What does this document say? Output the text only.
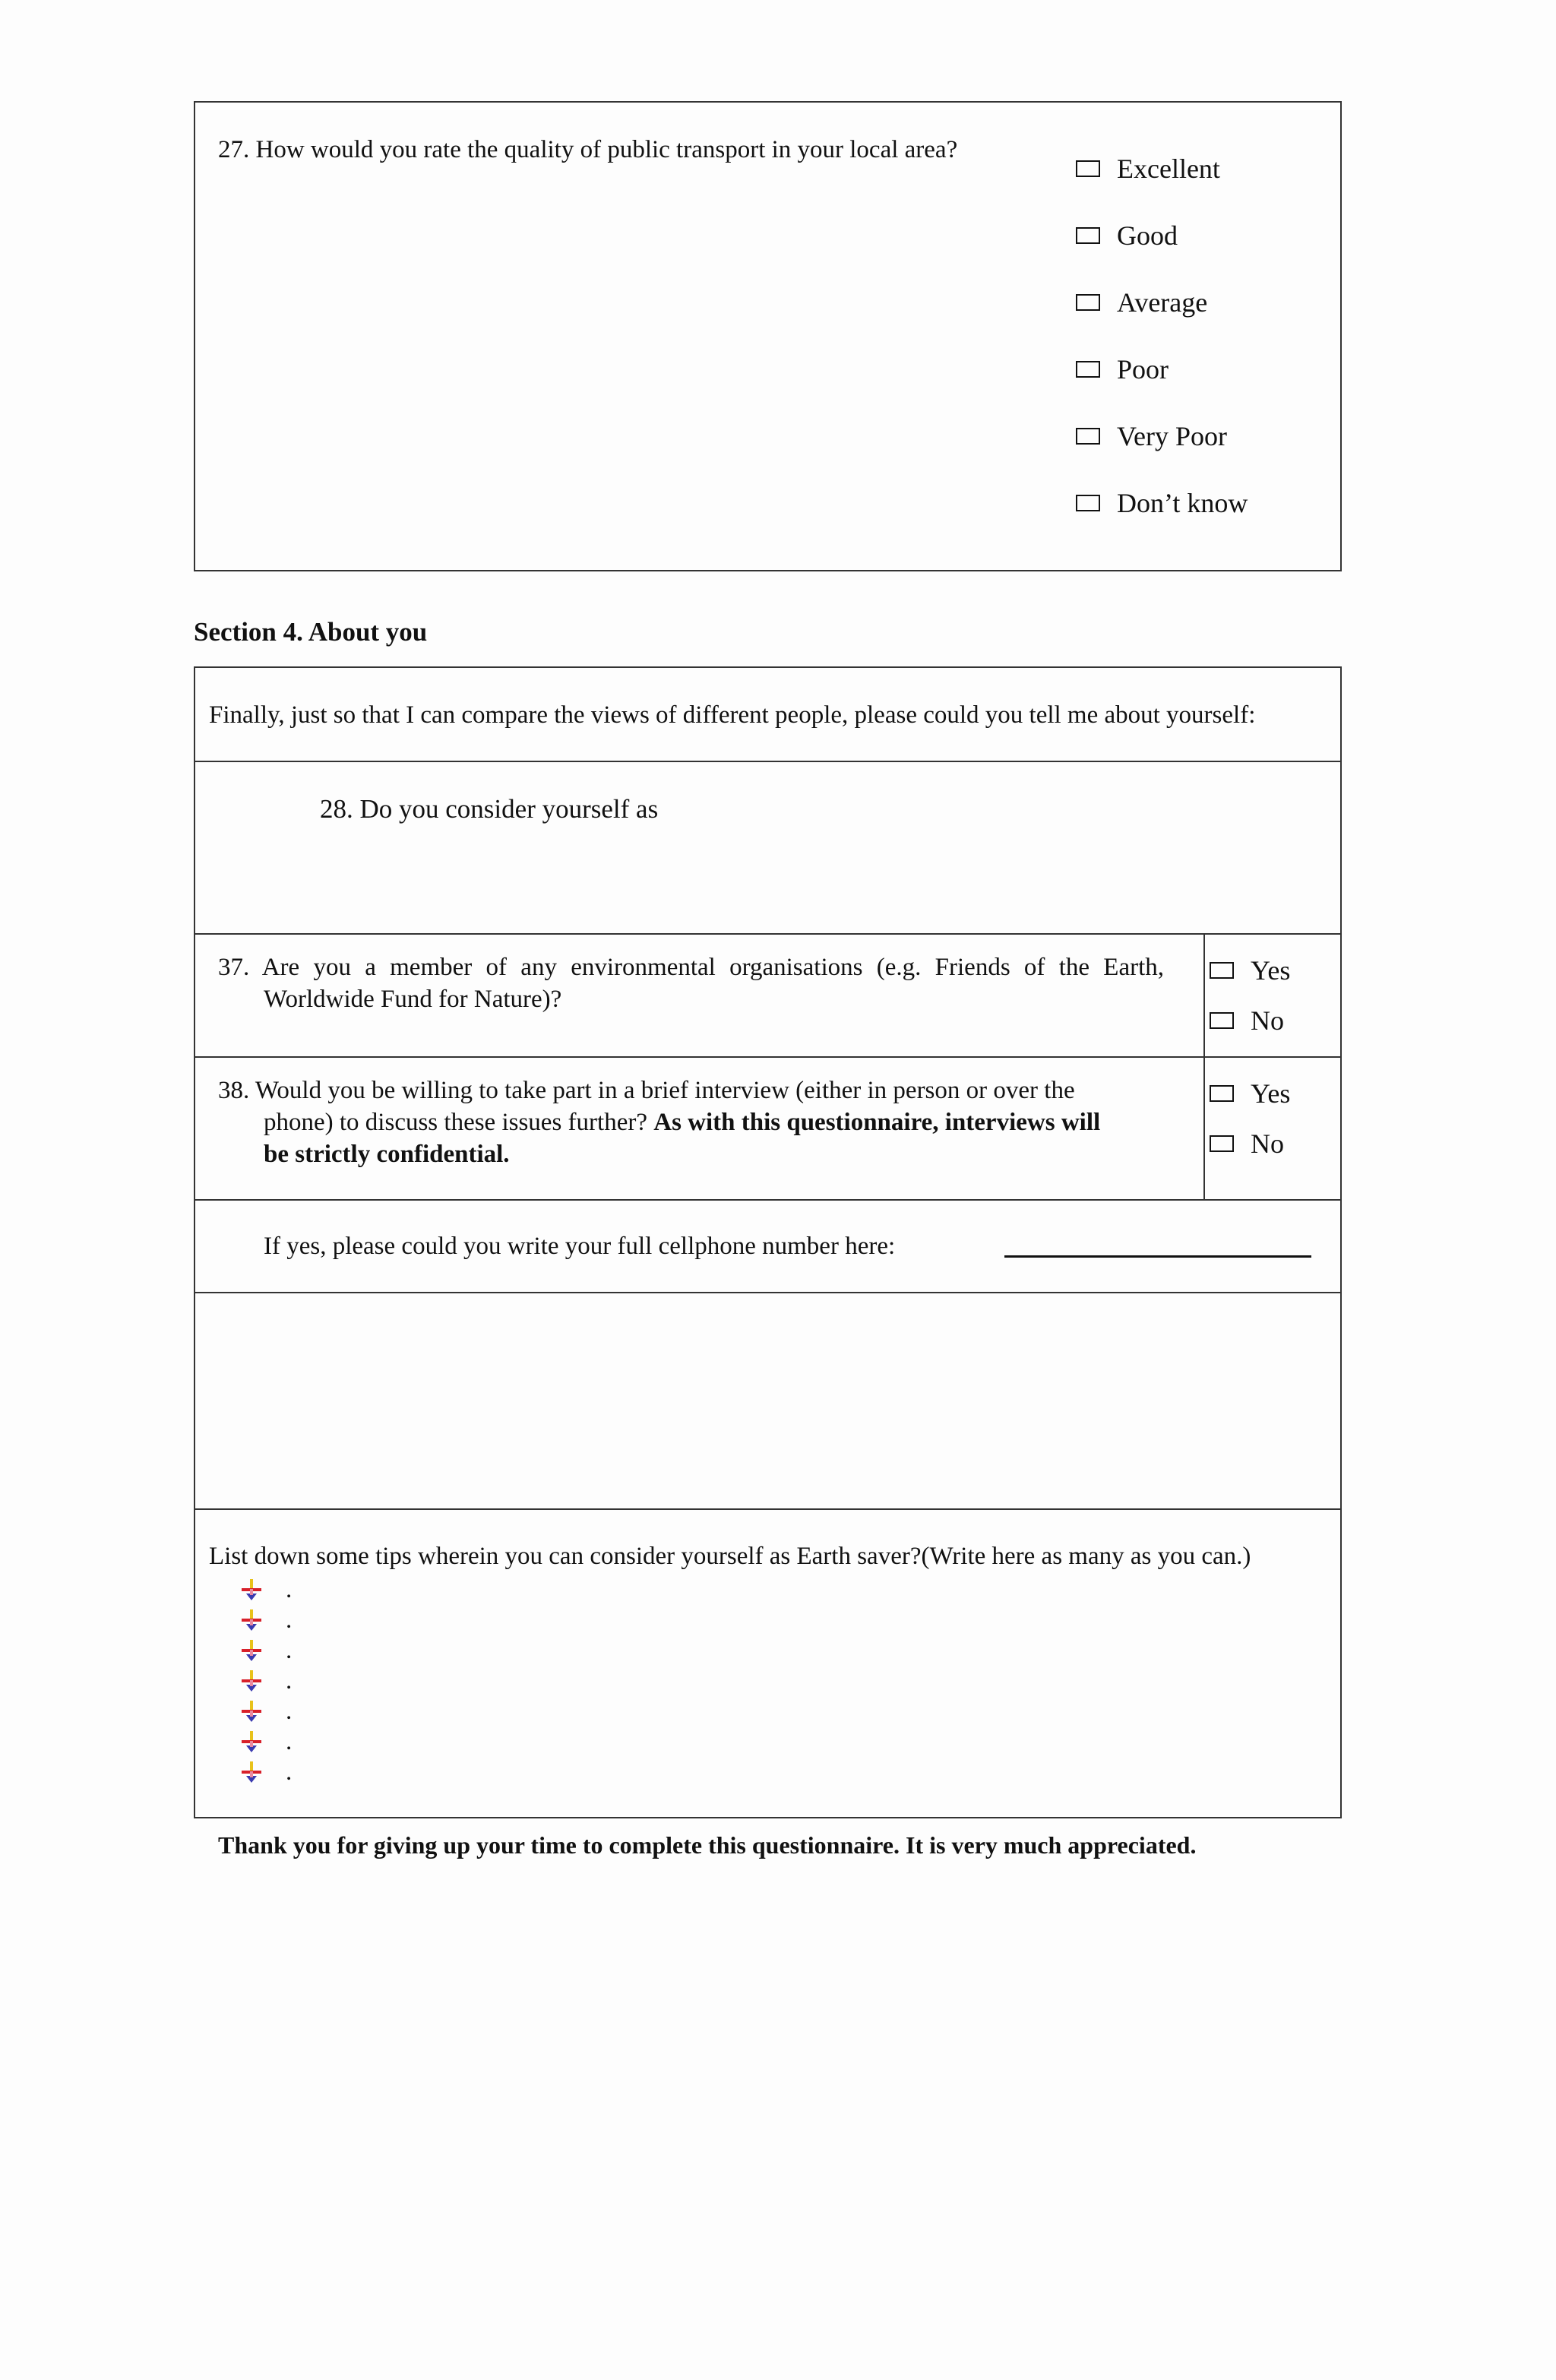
27. How would you rate the quality of public transport in your local area?
Excellent
Good
Average
Poor
Very Poor
Don’t know
Section 4. About you
Finally, just so that I can compare the views of different people, please could you tell me about yourself:
28. Do you consider yourself as
37. Are you a member of any environmental organisations (e.g. Friends of the Earth,
Worldwide Fund for Nature)?
Yes
No
38. Would you be willing to take part in a brief interview (either in person or over the
phone) to discuss these issues further? As with this questionnaire, interviews will
be strictly confidential.
Yes
No
If yes, please could you write your full cellphone number here:
List down some tips wherein you can consider yourself as Earth saver?(Write here as many as you can.)
.
.
.
.
.
.
.
Thank you for giving up your time to complete this questionnaire. It is very much appreciated.
